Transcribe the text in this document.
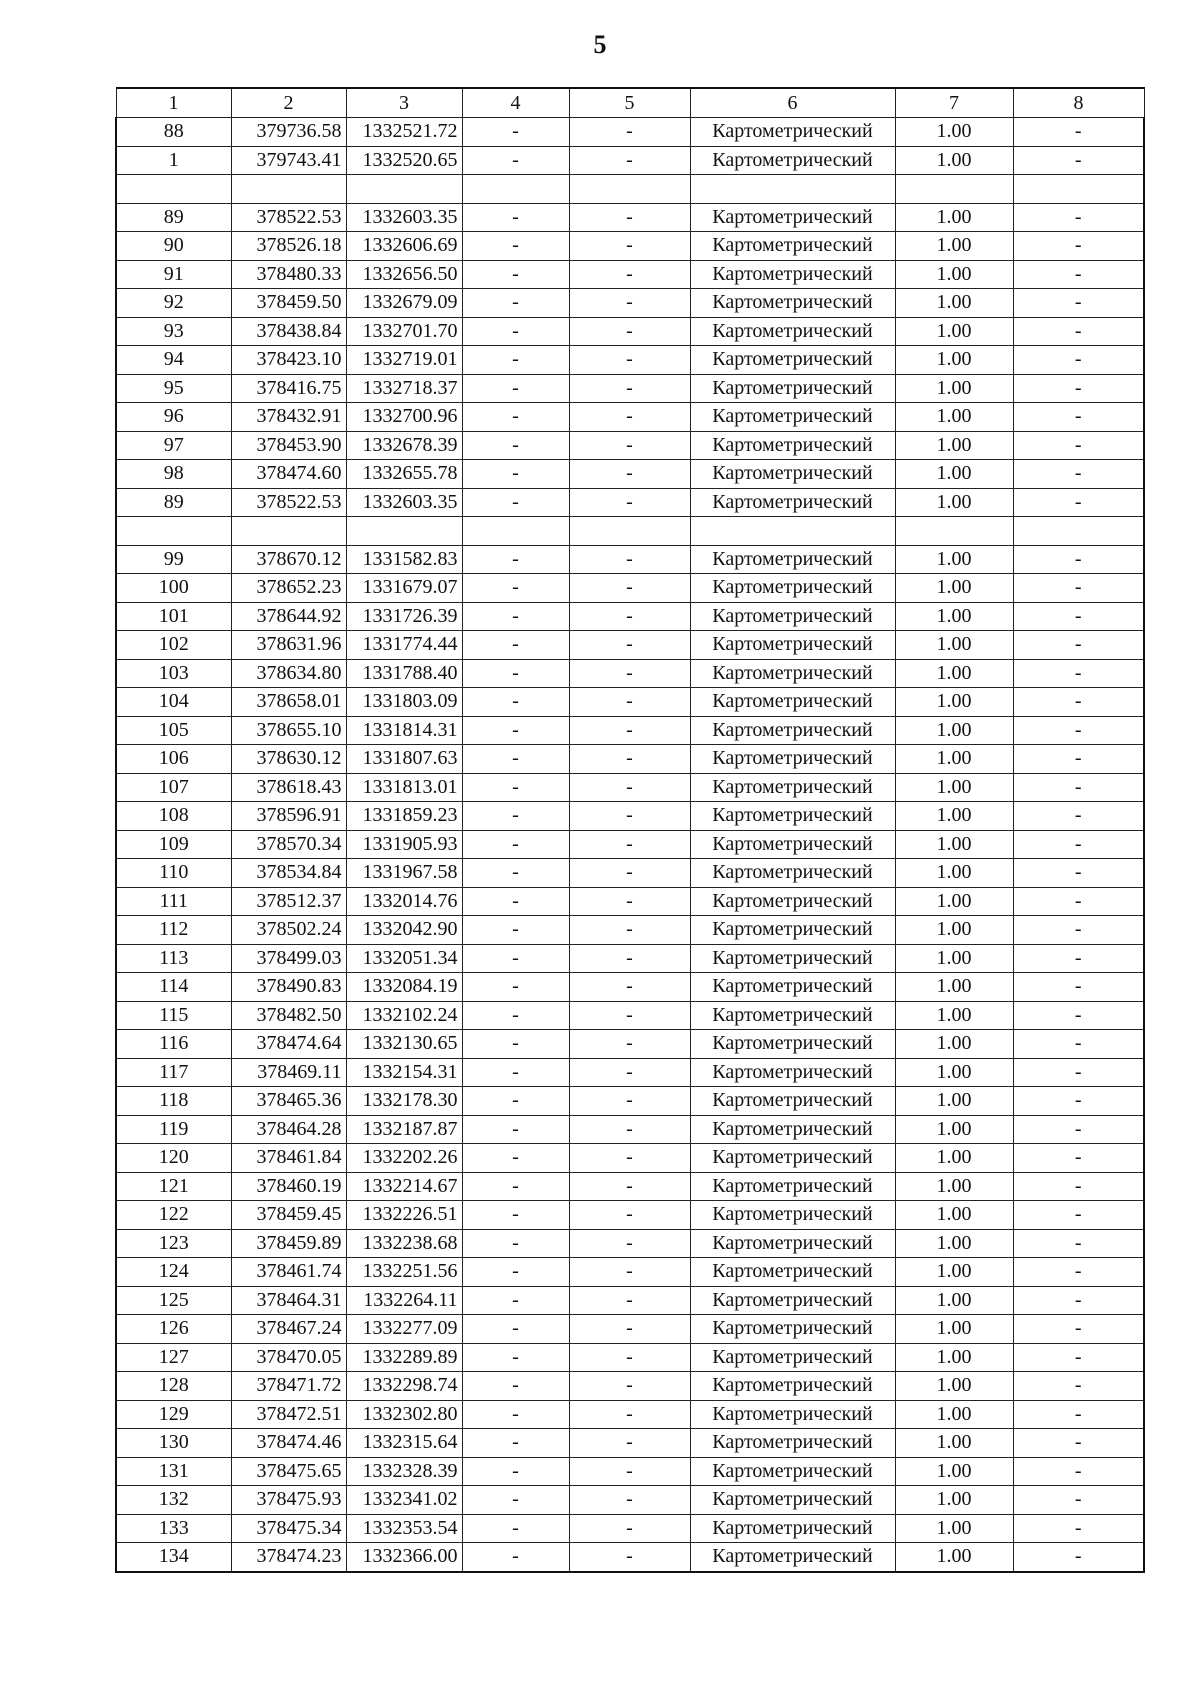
5
1	2	3	4	5	6	7	8
88	379736.58	1332521.72	-	-	Картометрический	1.00	-
1	379743.41	1332520.65	-	-	Картометрический	1.00	-

89	378522.53	1332603.35	-	-	Картометрический	1.00	-
90	378526.18	1332606.69	-	-	Картометрический	1.00	-
91	378480.33	1332656.50	-	-	Картометрический	1.00	-
92	378459.50	1332679.09	-	-	Картометрический	1.00	-
93	378438.84	1332701.70	-	-	Картометрический	1.00	-
94	378423.10	1332719.01	-	-	Картометрический	1.00	-
95	378416.75	1332718.37	-	-	Картометрический	1.00	-
96	378432.91	1332700.96	-	-	Картометрический	1.00	-
97	378453.90	1332678.39	-	-	Картометрический	1.00	-
98	378474.60	1332655.78	-	-	Картометрический	1.00	-
89	378522.53	1332603.35	-	-	Картометрический	1.00	-

99	378670.12	1331582.83	-	-	Картометрический	1.00	-
100	378652.23	1331679.07	-	-	Картометрический	1.00	-
101	378644.92	1331726.39	-	-	Картометрический	1.00	-
102	378631.96	1331774.44	-	-	Картометрический	1.00	-
103	378634.80	1331788.40	-	-	Картометрический	1.00	-
104	378658.01	1331803.09	-	-	Картометрический	1.00	-
105	378655.10	1331814.31	-	-	Картометрический	1.00	-
106	378630.12	1331807.63	-	-	Картометрический	1.00	-
107	378618.43	1331813.01	-	-	Картометрический	1.00	-
108	378596.91	1331859.23	-	-	Картометрический	1.00	-
109	378570.34	1331905.93	-	-	Картометрический	1.00	-
110	378534.84	1331967.58	-	-	Картометрический	1.00	-
111	378512.37	1332014.76	-	-	Картометрический	1.00	-
112	378502.24	1332042.90	-	-	Картометрический	1.00	-
113	378499.03	1332051.34	-	-	Картометрический	1.00	-
114	378490.83	1332084.19	-	-	Картометрический	1.00	-
115	378482.50	1332102.24	-	-	Картометрический	1.00	-
116	378474.64	1332130.65	-	-	Картометрический	1.00	-
117	378469.11	1332154.31	-	-	Картометрический	1.00	-
118	378465.36	1332178.30	-	-	Картометрический	1.00	-
119	378464.28	1332187.87	-	-	Картометрический	1.00	-
120	378461.84	1332202.26	-	-	Картометрический	1.00	-
121	378460.19	1332214.67	-	-	Картометрический	1.00	-
122	378459.45	1332226.51	-	-	Картометрический	1.00	-
123	378459.89	1332238.68	-	-	Картометрический	1.00	-
124	378461.74	1332251.56	-	-	Картометрический	1.00	-
125	378464.31	1332264.11	-	-	Картометрический	1.00	-
126	378467.24	1332277.09	-	-	Картометрический	1.00	-
127	378470.05	1332289.89	-	-	Картометрический	1.00	-
128	378471.72	1332298.74	-	-	Картометрический	1.00	-
129	378472.51	1332302.80	-	-	Картометрический	1.00	-
130	378474.46	1332315.64	-	-	Картометрический	1.00	-
131	378475.65	1332328.39	-	-	Картометрический	1.00	-
132	378475.93	1332341.02	-	-	Картометрический	1.00	-
133	378475.34	1332353.54	-	-	Картометрический	1.00	-
134	378474.23	1332366.00	-	-	Картометрический	1.00	-
